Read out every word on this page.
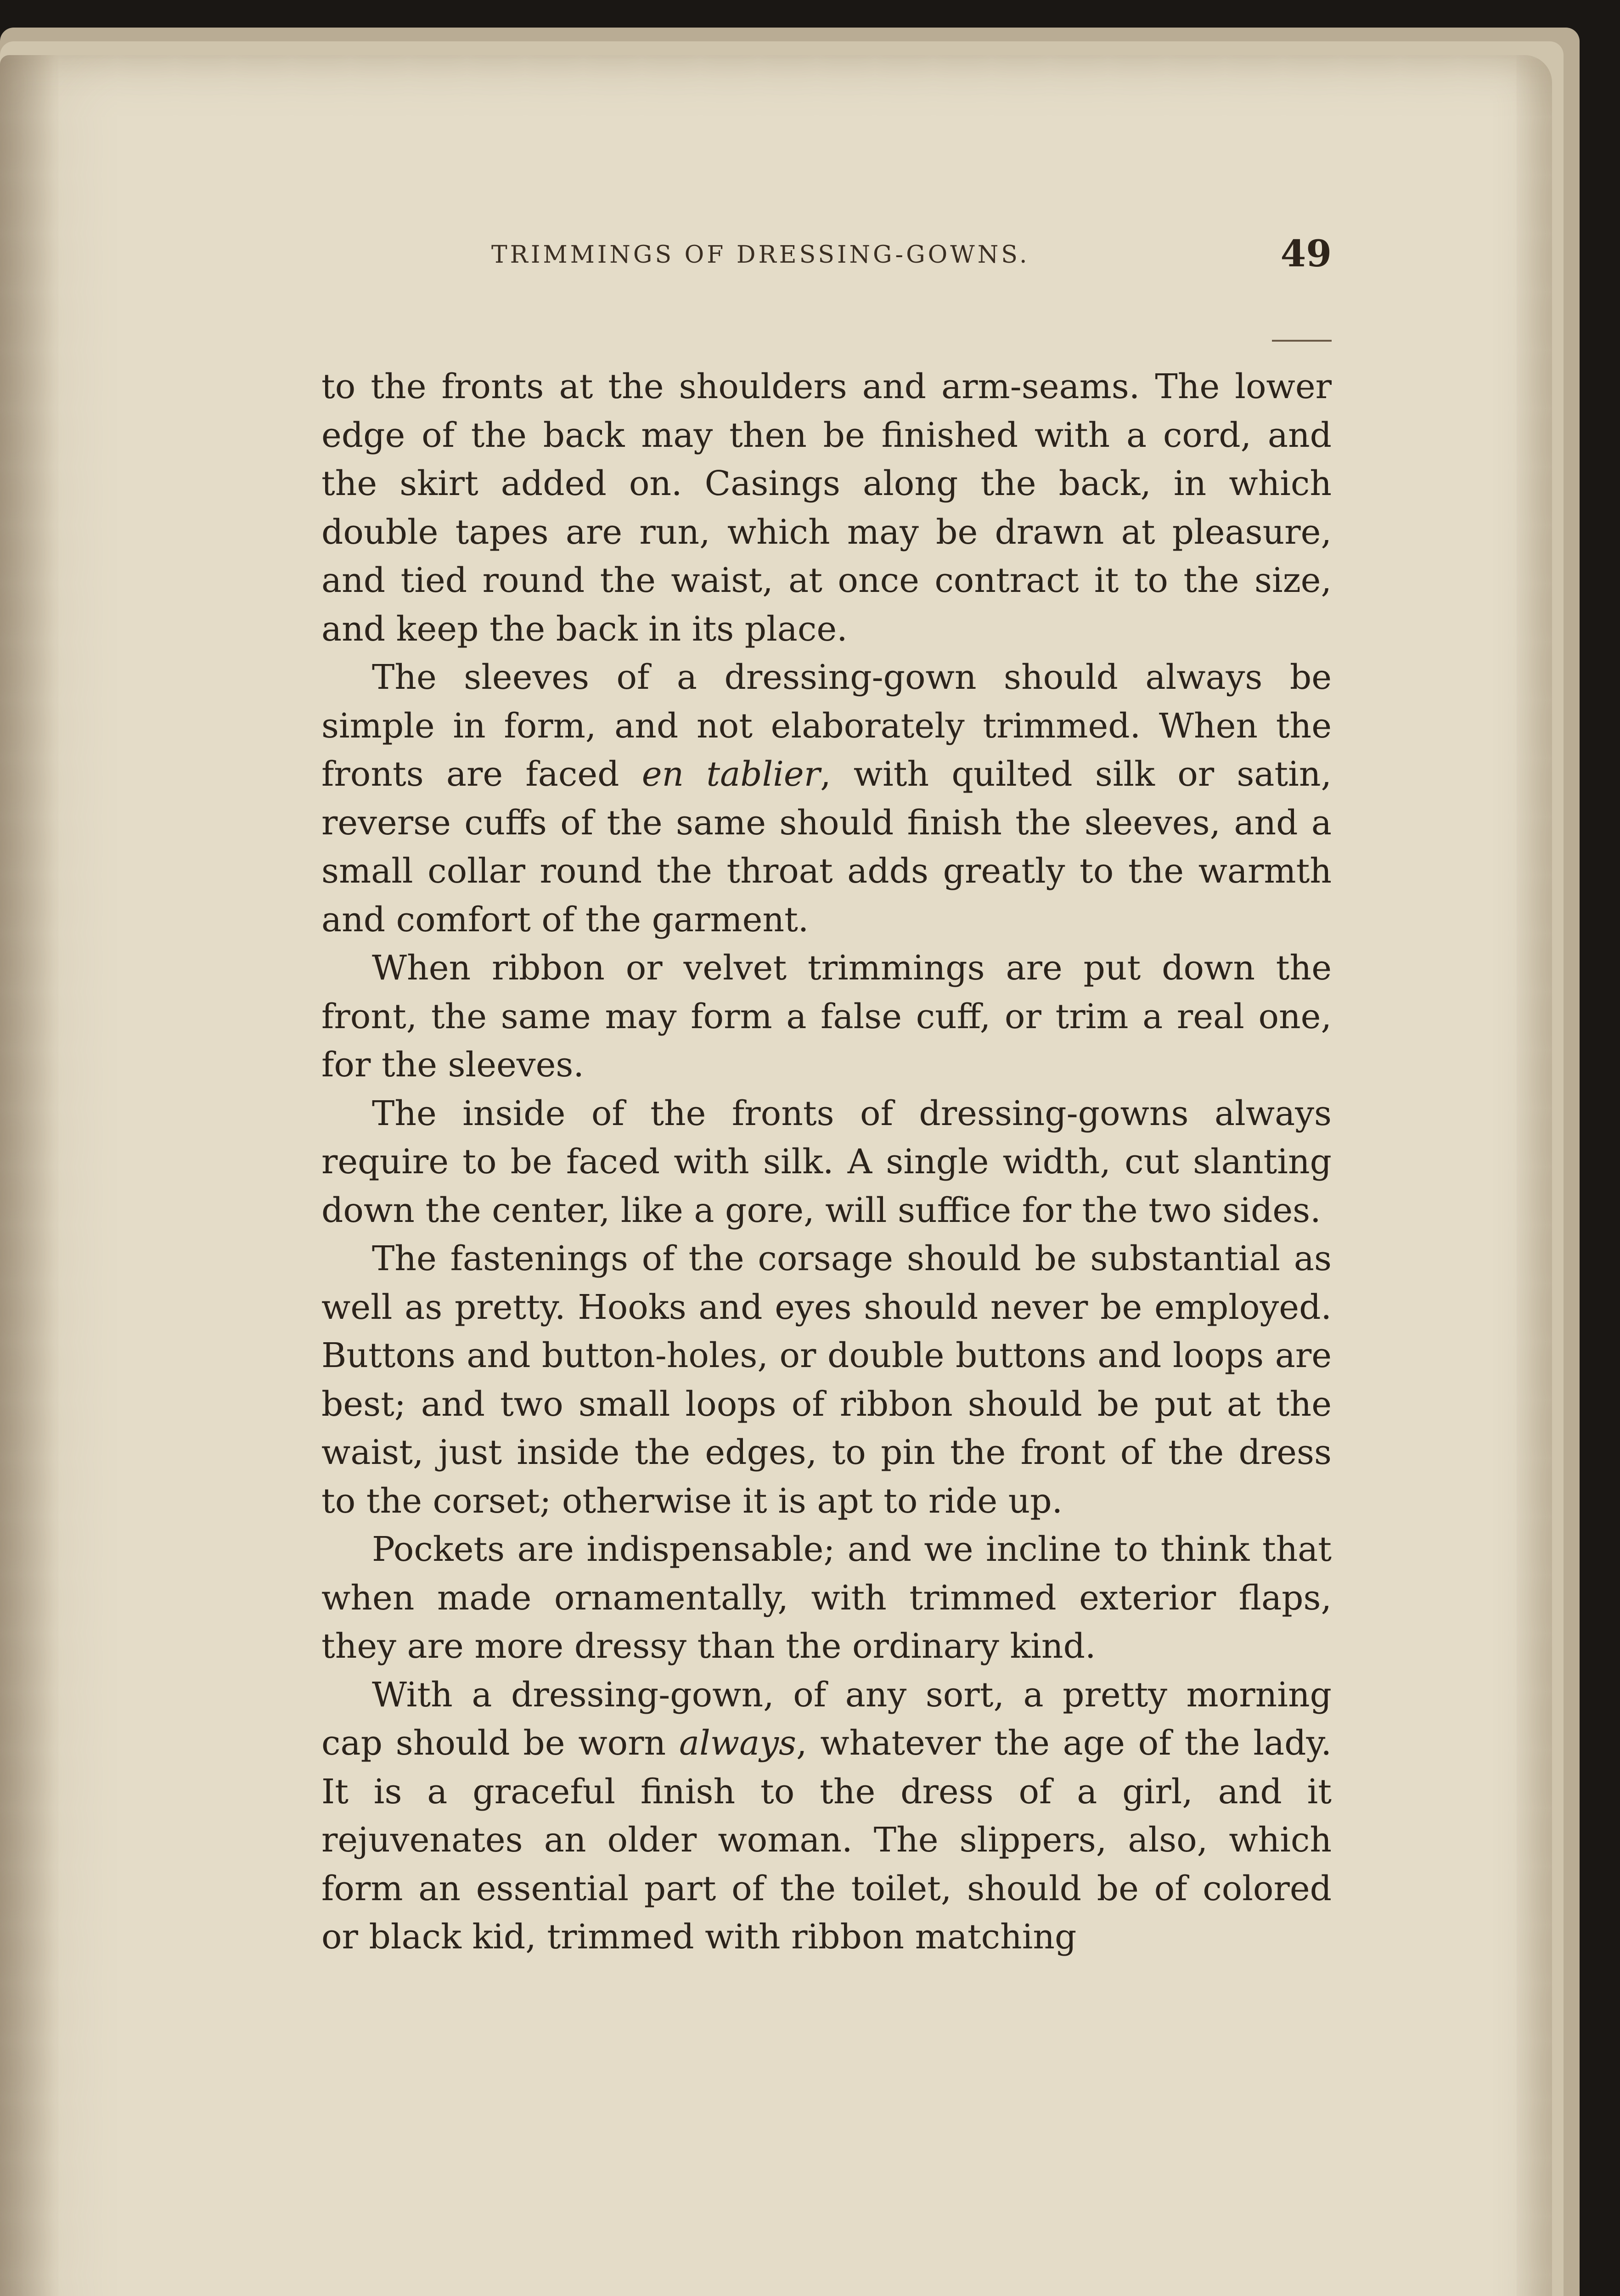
TRIMMINGS OF DRESSING-GOWNS.	49

to the fronts at the shoulders and arm-seams. The lower edge of the back may then be finished with a cord, and the skirt added on. Casings along the back, in which double tapes are run, which may be drawn at pleasure, and tied round the waist, at once contract it to the size, and keep the back in its place.

The sleeves of a dressing-gown should always be simple in form, and not elaborately trimmed. When the fronts are faced en tablier, with quilted silk or satin, reverse cuffs of the same should finish the sleeves, and a small collar round the throat adds greatly to the warmth and comfort of the garment.

When ribbon or velvet trimmings are put down the front, the same may form a false cuff, or trim a real one, for the sleeves.

The inside of the fronts of dressing-gowns always require to be faced with silk. A single width, cut slanting down the center, like a gore, will suffice for the two sides.

The fastenings of the corsage should be substantial as well as pretty. Hooks and eyes should never be employed. Buttons and button-holes, or double buttons and loops are best; and two small loops of ribbon should be put at the waist, just inside the edges, to pin the front of the dress to the corset; otherwise it is apt to ride up.

Pockets are indispensable; and we incline to think that when made ornamentally, with trimmed exterior flaps, they are more dressy than the ordinary kind.

With a dressing-gown, of any sort, a pretty morning cap should be worn always, whatever the age of the lady. It is a graceful finish to the dress of a girl, and it rejuvenates an older woman. The slippers, also, which form an essential part of the toilet, should be of colored or black kid, trimmed with ribbon matching
